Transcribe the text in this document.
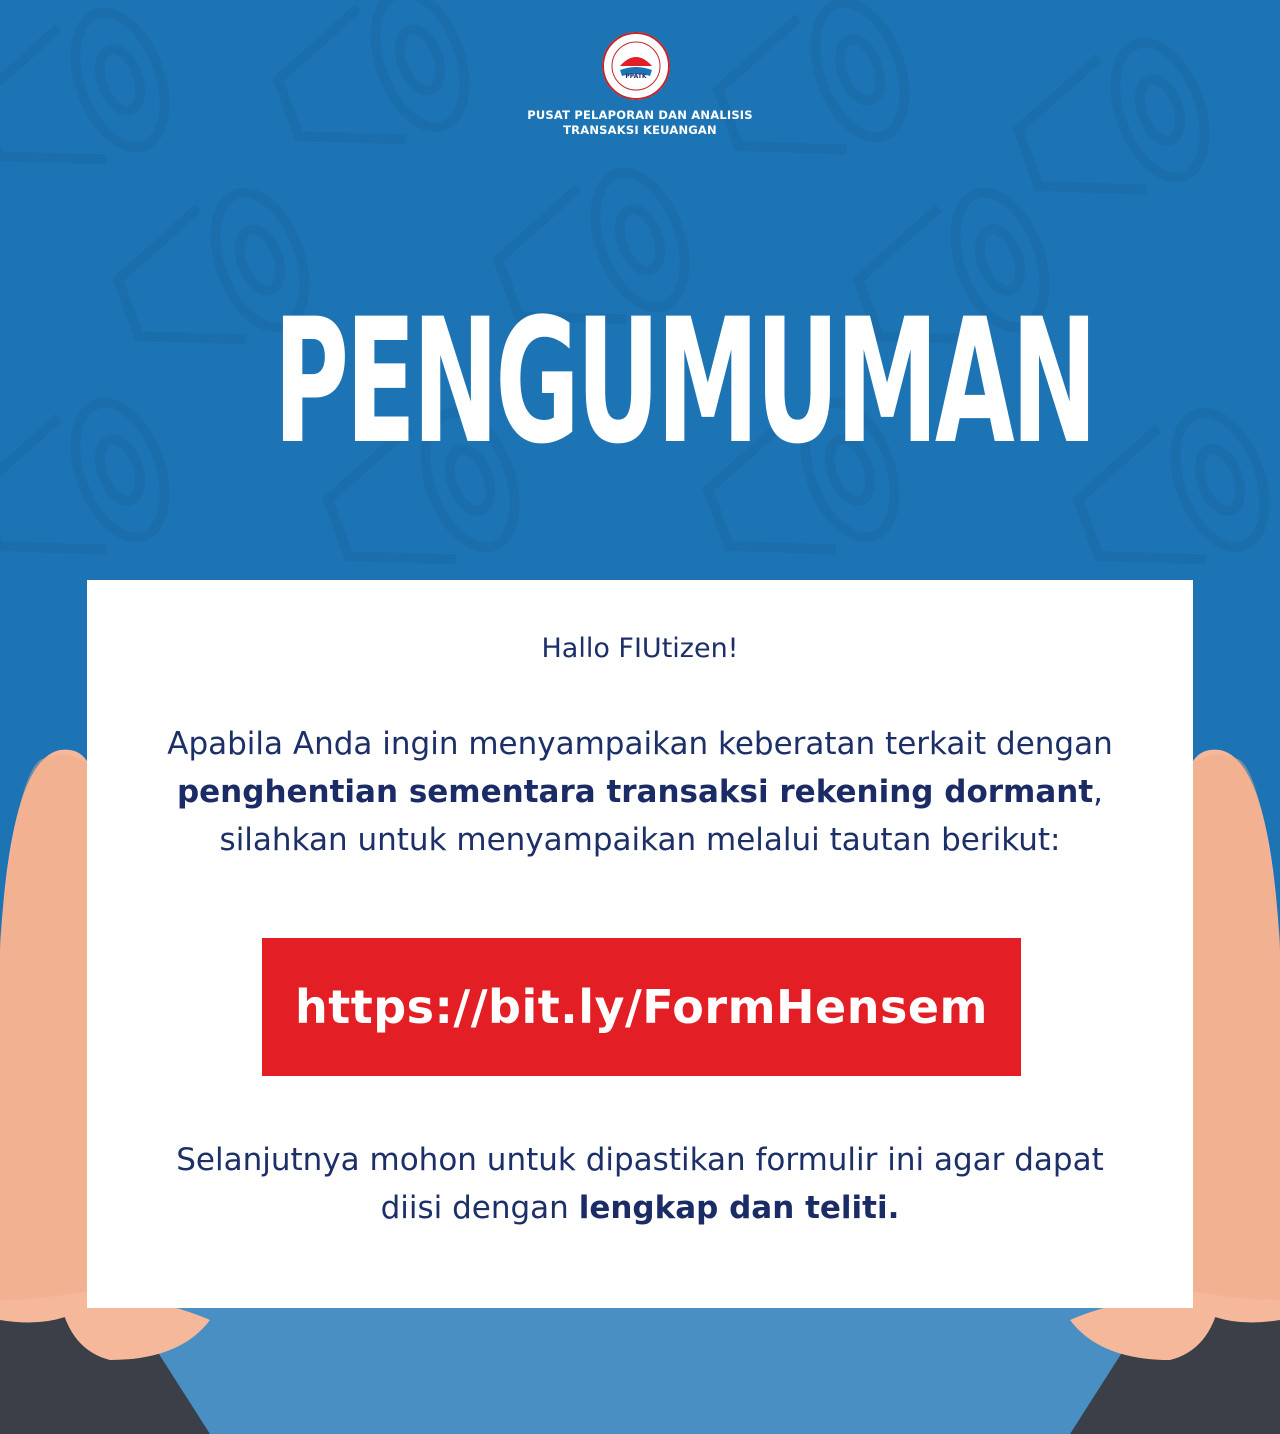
PPATK
PUSAT PELAPORAN DAN ANALISIS
TRANSAKSI KEUANGAN
PENGUMUMAN
Hallo FIUtizen!
Apabila Anda ingin menyampaikan keberatan terkait dengan penghentian sementara transaksi rekening dormant, silahkan untuk menyampaikan melalui tautan berikut:
https://bit.ly/FormHensem
Selanjutnya mohon untuk dipastikan formulir ini agar dapat diisi dengan lengkap dan teliti.
